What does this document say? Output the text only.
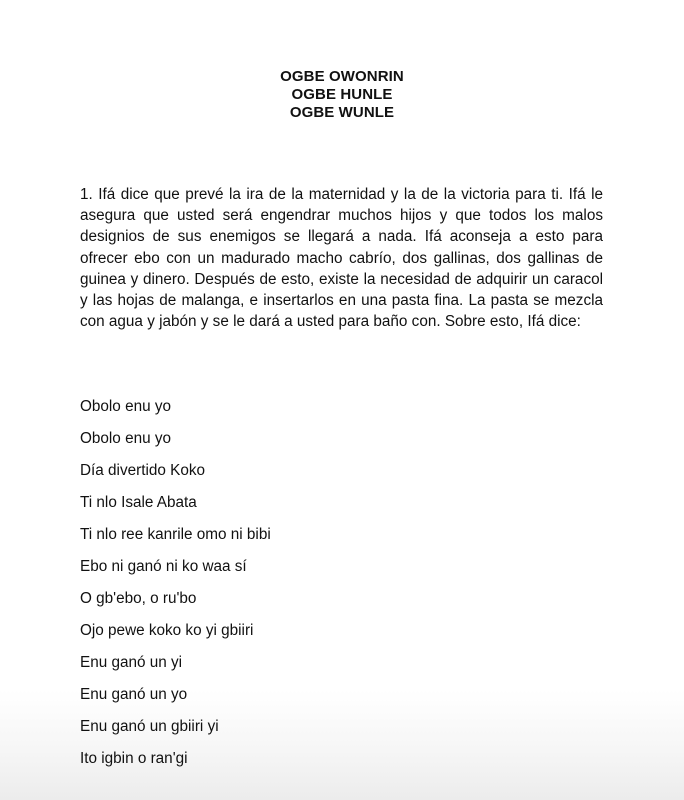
OGBE OWONRIN
OGBE HUNLE
OGBE WUNLE

1. Ifá dice que prevé la ira de la maternidad y la de la victoria para ti. Ifá le asegura que usted será engendrar muchos hijos y que todos los malos designios de sus enemigos se llegará a nada. Ifá aconseja a esto para ofrecer ebo con un madurado macho cabrío, dos gallinas, dos gallinas de guinea y dinero. Después de esto, existe la necesidad de adquirir un caracol y las hojas de malanga, e insertarlos en una pasta fina. La pasta se mezcla con agua y jabón y se le dará a usted para baño con. Sobre esto, Ifá dice:

Obolo enu yo
Obolo enu yo
Día divertido Koko
Ti nlo Isale Abata
Ti nlo ree kanrile omo ni bibi
Ebo ni ganó ni ko waa sí
O gb'ebo, o ru'bo
Ojo pewe koko ko yi gbiiri
Enu ganó un yi
Enu ganó un yo
Enu ganó un gbiiri yi
Ito igbin o ran'gi
